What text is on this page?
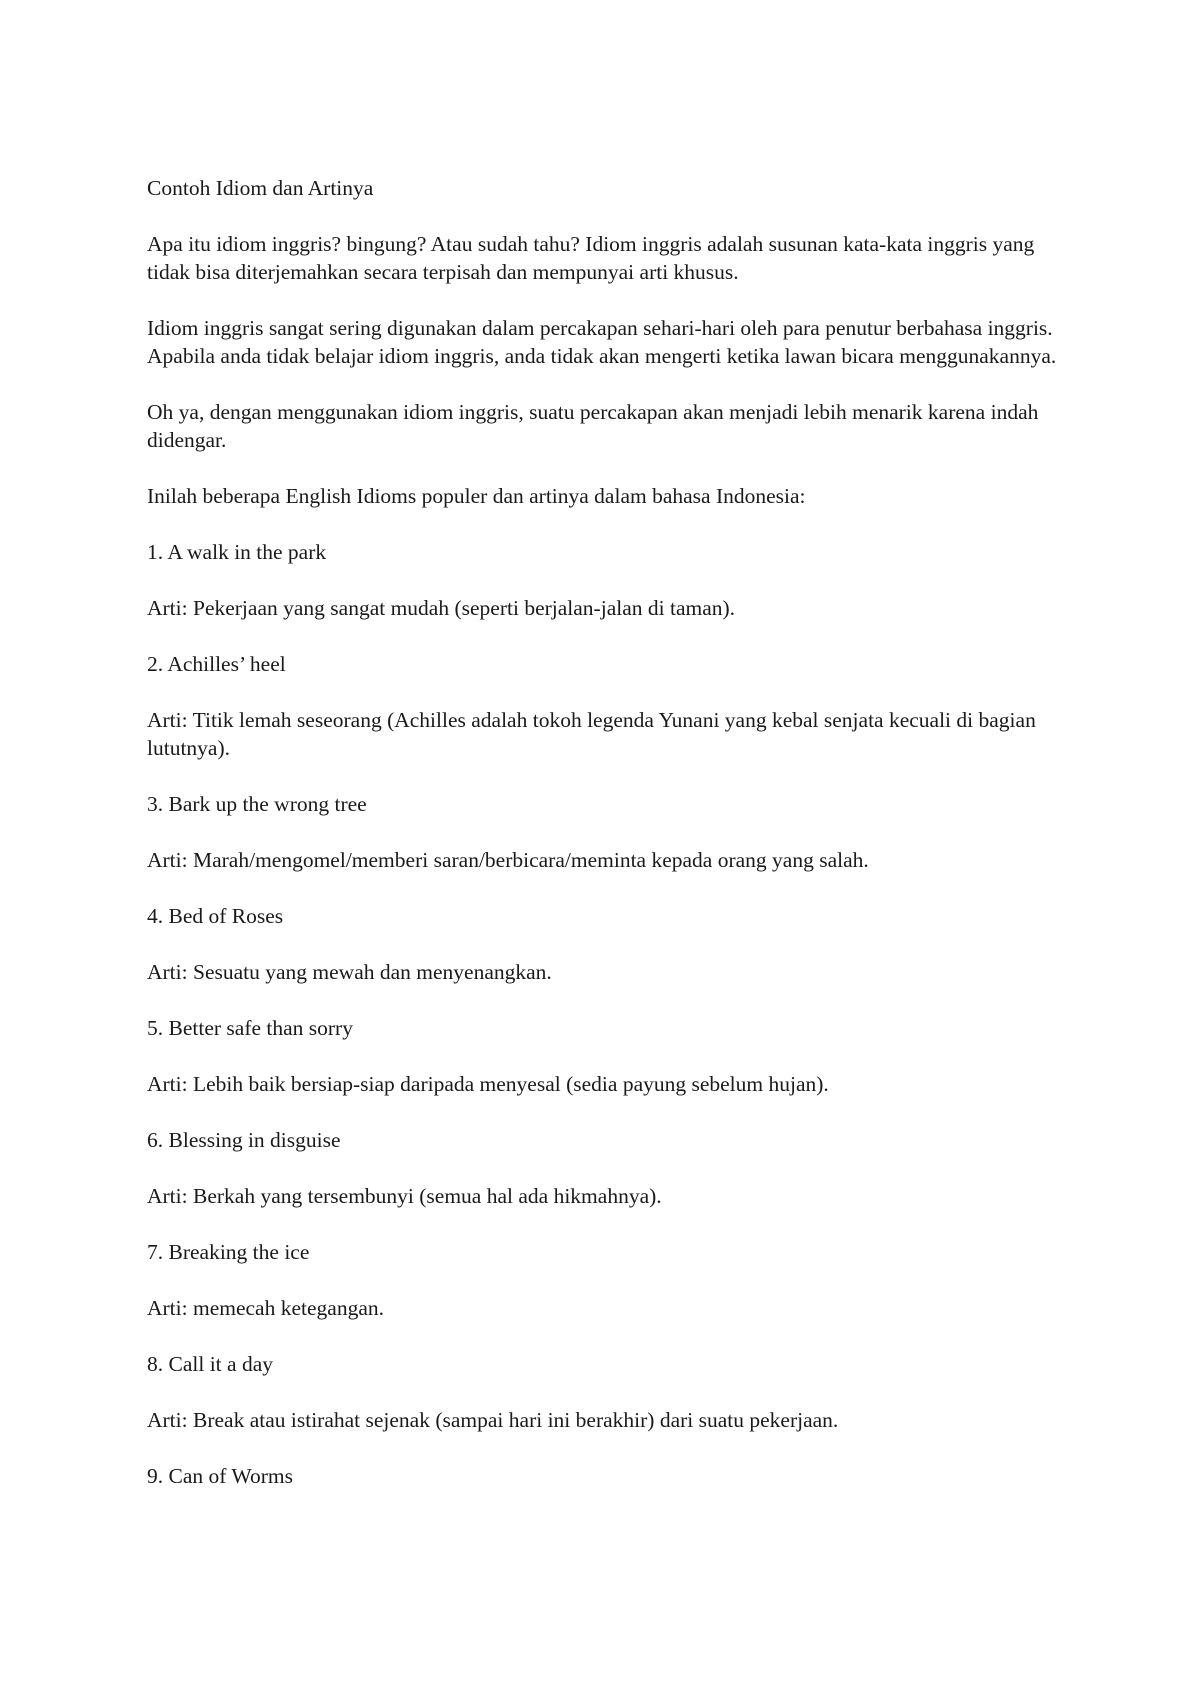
Contoh Idiom dan Artinya

Apa itu idiom inggris? bingung? Atau sudah tahu? Idiom inggris adalah susunan kata-kata inggris yang tidak bisa diterjemahkan secara terpisah dan mempunyai arti khusus.

Idiom inggris sangat sering digunakan dalam percakapan sehari-hari oleh para penutur berbahasa inggris. Apabila anda tidak belajar idiom inggris, anda tidak akan mengerti ketika lawan bicara menggunakannya.

Oh ya, dengan menggunakan idiom inggris, suatu percakapan akan menjadi lebih menarik karena indah didengar.

Inilah beberapa English Idioms populer dan artinya dalam bahasa Indonesia:

1. A walk in the park

Arti: Pekerjaan yang sangat mudah (seperti berjalan-jalan di taman).

2. Achilles’ heel

Arti: Titik lemah seseorang (Achilles adalah tokoh legenda Yunani yang kebal senjata kecuali di bagian lututnya).

3. Bark up the wrong tree

Arti: Marah/mengomel/memberi saran/berbicara/meminta kepada orang yang salah.

4. Bed of Roses

Arti: Sesuatu yang mewah dan menyenangkan.

5. Better safe than sorry

Arti: Lebih baik bersiap-siap daripada menyesal (sedia payung sebelum hujan).

6. Blessing in disguise

Arti: Berkah yang tersembunyi (semua hal ada hikmahnya).

7. Breaking the ice

Arti: memecah ketegangan.

8. Call it a day

Arti: Break atau istirahat sejenak (sampai hari ini berakhir) dari suatu pekerjaan.

9. Can of Worms
